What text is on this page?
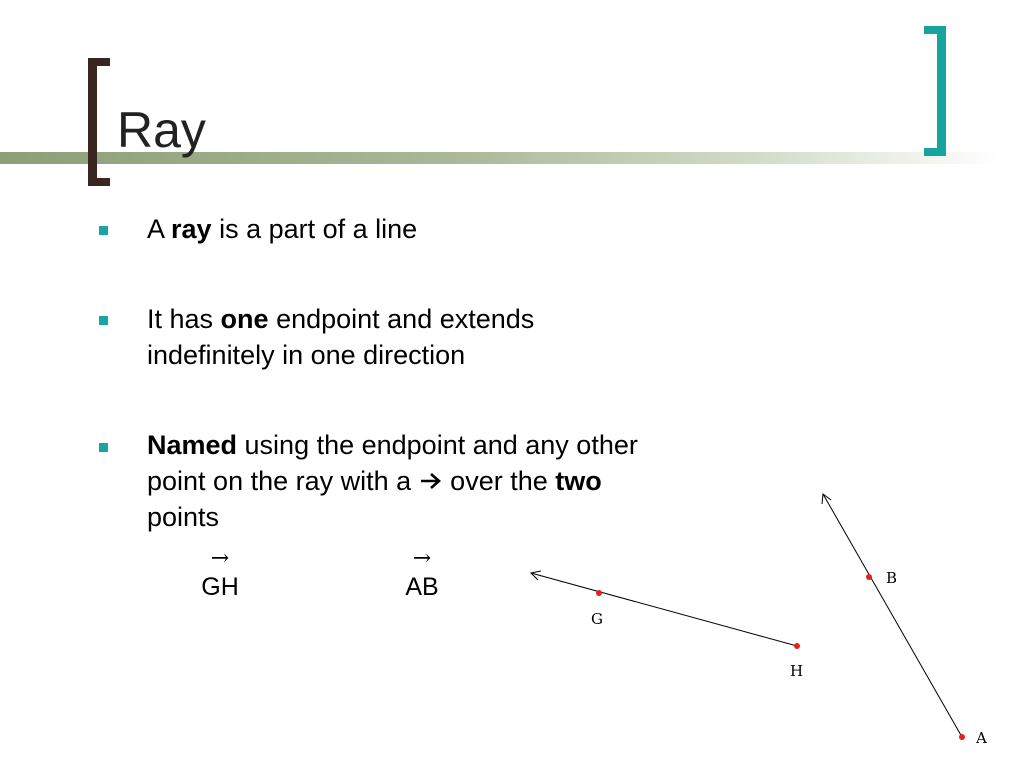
Ray
A ray is a part of a line
It has one endpoint and extends
indefinitely in one direction
Named using the endpoint and any other
point on the ray with a  over the two
points
→
GH
→
AB
G
H
B
A
